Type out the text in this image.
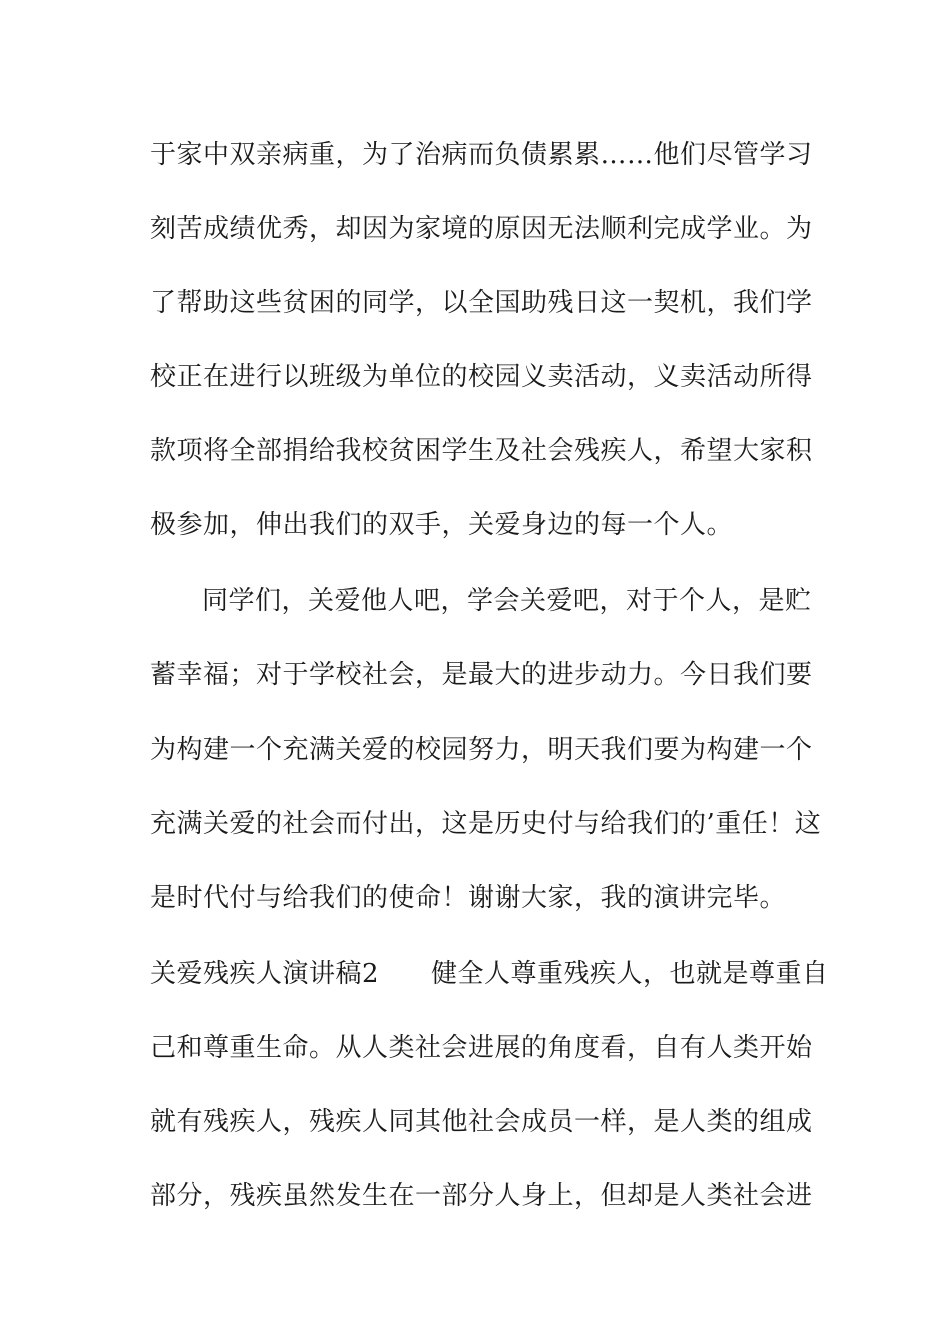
于家中双亲病重，为了治病而负债累累……他们尽管学习

刻苦成绩优秀，却因为家境的原因无法顺利完成学业。为

了帮助这些贫困的同学，以全国助残日这一契机，我们学

校正在进行以班级为单位的校园义卖活动，义卖活动所得

款项将全部捐给我校贫困学生及社会残疾人，希望大家积

极参加，伸出我们的双手，关爱身边的每一个人。

同学们，关爱他人吧，学会关爱吧，对于个人，是贮

蓄幸福；对于学校社会，是最大的进步动力。今日我们要

为构建一个充满关爱的校园努力，明天我们要为构建一个

充满关爱的社会而付出，这是历史付与给我们的’重任！这

是时代付与给我们的使命！谢谢大家，我的演讲完毕。

关爱残疾人演讲稿2 健全人尊重残疾人，也就是尊重自

己和尊重生命。从人类社会进展的角度看，自有人类开始

就有残疾人，残疾人同其他社会成员一样，是人类的组成

部分，残疾虽然发生在一部分人身上，但却是人类社会进
